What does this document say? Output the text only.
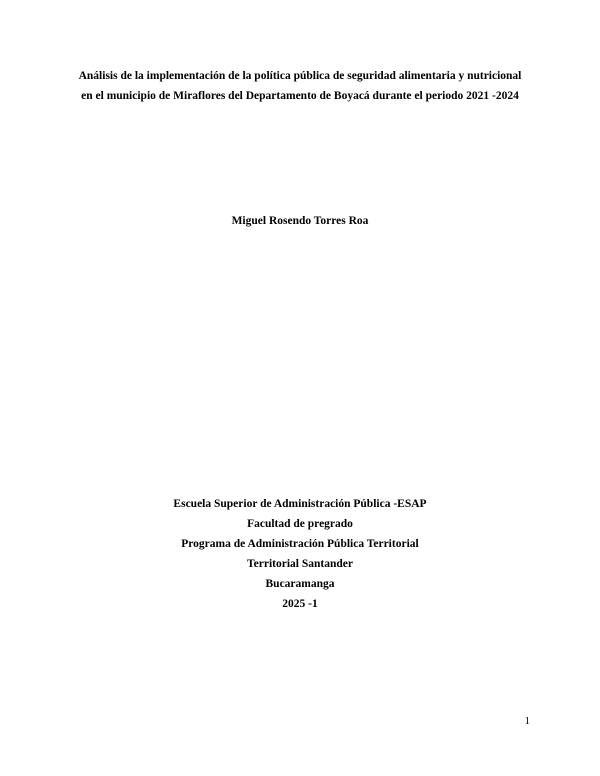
Análisis de la implementación de la política pública de seguridad alimentaria y nutricional
en el municipio de Miraflores del Departamento de Boyacá durante el periodo 2021 -2024
Miguel Rosendo Torres Roa
Escuela Superior de Administración Pública -ESAP
Facultad de pregrado
Programa de Administración Pública Territorial
Territorial Santander
Bucaramanga
2025 -1
1
